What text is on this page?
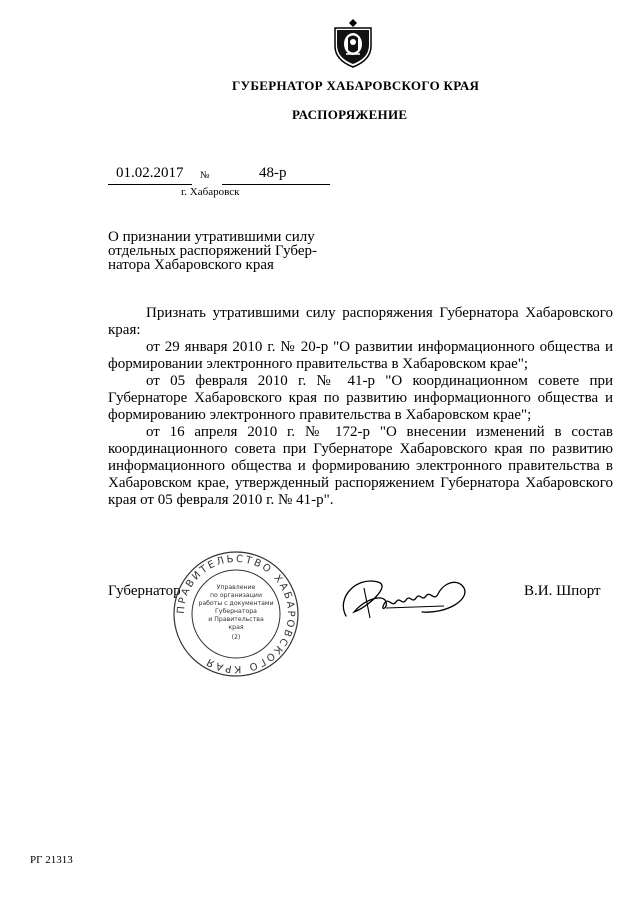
ГУБЕРНАТОР ХАБАРОВСКОГО КРАЯ
РАСПОРЯЖЕНИЕ
01.02.2017 №	48-р
г. Хабаровск
О признании утратившими силу отдельных распоряжений Губер-натора Хабаровского края

Признать утратившими силу распоряжения Губернатора Хабаровского края:

от 29 января 2010 г. № 20-р "О развитии информационного общества и формировании электронного правительства в Хабаровском крае";

от 05 февраля 2010 г. № 41-р "О координационном совете при Губернаторе Хабаровского края по развитию информационного общества и формированию электронного правительства в Хабаровском крае";

от 16 апреля 2010 г. № 172-р "О внесении изменений в состав координационного совета при Губернаторе Хабаровского края по развитию информационного общества и формированию электронного правительства в Хабаровском крае, утвержденный распоряжением Губернатора Хабаровского края от 05 февраля 2010 г. № 41-р".

Губернатор	В.И. Шпорт
ПРАВИТЕЛЬСТВО ХАБАРОВСКОГО КРАЯ
Управление
по организации
работы с документами
Губернатора
и Правительства
края
(2)
РГ 21313
